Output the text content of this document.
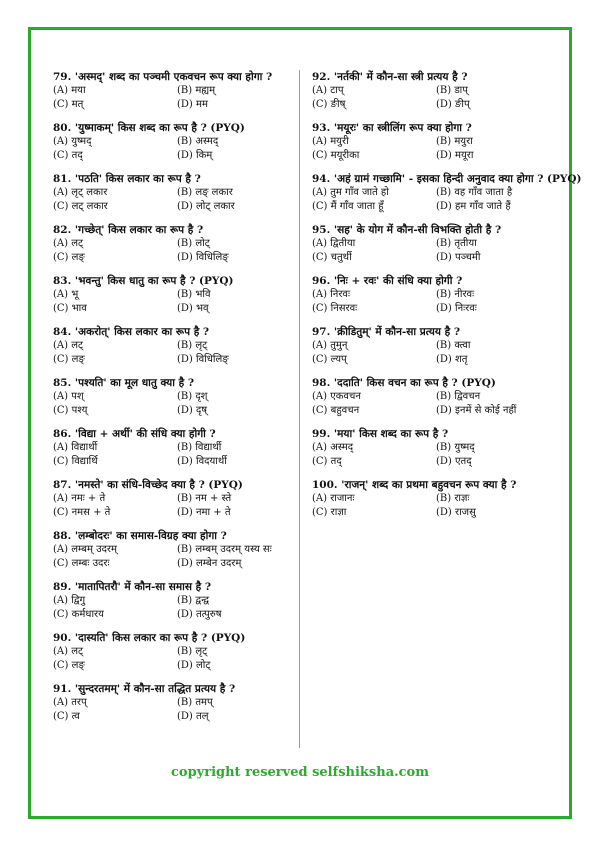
79. 'अस्मद्' शब्द का पञ्चमी एकवचन रूप क्या होगा ?
(A) मया	(B) मह्यम्
(C) मत्	(D) मम
80. 'युष्माकम्' किस शब्द का रूप है ? (PYQ)
(A) युष्मद्	(B) अस्मद्
(C) तद्	(D) किम्
81. 'पठति' किस लकार का रूप है ?
(A) लृट् लकार	(B) लङ् लकार
(C) लट् लकार	(D) लोट् लकार
82. 'गच्छेत्' किस लकार का रूप है ?
(A) लट्	(B) लोट्
(C) लङ्	(D) विधिलिङ्
83. 'भवन्तु' किस धातु का रूप है ? (PYQ)
(A) भू	(B) भवि
(C) भाव	(D) भव्
84. 'अकरोत्' किस लकार का रूप है ?
(A) लट्	(B) लृट्
(C) लङ्	(D) विधिलिङ्
85. 'पश्यति' का मूल धातु क्या है ?
(A) पश्	(B) दृश्
(C) पश्य्	(D) दृष्
86. 'विद्या + अर्थी' की संधि क्या होगी ?
(A) विद्यार्थी	(B) विद्यार्थी
(C) विद्यार्थि	(D) विदयार्थी
87. 'नमस्ते' का संधि-विच्छेद क्या है ? (PYQ)
(A) नमः + ते	(B) नम + स्ते
(C) नमस + ते	(D) नमा + ते
88. 'लम्बोदरः' का समास-विग्रह क्या होगा ?
(A) लम्बम् उदरम्	(B) लम्बम् उदरम् यस्य सः
(C) लम्बः उदरः	(D) लम्बेन उदरम्
89. 'मातापितरौ' में कौन-सा समास है ?
(A) द्विगु	(B) द्वन्द्व
(C) कर्मधारय	(D) तत्पुरुष
90. 'दास्यति' किस लकार का रूप है ? (PYQ)
(A) लट्	(B) लृट्
(C) लङ्	(D) लोट्
91. 'सुन्दरतमम्' में कौन-सा तद्धित प्रत्यय है ?
(A) तरप्	(B) तमप्
(C) त्व	(D) तल्
92. 'नर्तकी' में कौन-सा स्त्री प्रत्यय है ?
(A) टाप्	(B) डाप्
(C) ङीष्	(D) ङीप्
93. 'मयूरः' का स्त्रीलिंग रूप क्या होगा ?
(A) मयुरी	(B) मयुरा
(C) मयूरीका	(D) मयूरा
94. 'अहं ग्रामं गच्छामि' - इसका हिन्दी अनुवाद क्या होगा ? (PYQ)
(A) तुम गाँव जाते हो	(B) वह गाँव जाता है
(C) मैं गाँव जाता हूँ	(D) हम गाँव जाते हैं
95. 'सह' के योग में कौन-सी विभक्ति होती है ?
(A) द्वितीया	(B) तृतीया
(C) चतुर्थी	(D) पञ्चमी
96. 'निः + रवः' की संधि क्या होगी ?
(A) निरवः	(B) नीरवः
(C) निसरवः	(D) निःरवः
97. 'क्रीडितुम्' में कौन-सा प्रत्यय है ?
(A) तुमुन्	(B) क्त्वा
(C) ल्यप्	(D) शतृ
98. 'ददाति' किस वचन का रूप है ? (PYQ)
(A) एकवचन	(B) द्विवचन
(C) बहुवचन	(D) इनमें से कोई नहीं
99. 'मया' किस शब्द का रूप है ?
(A) अस्मद्	(B) युष्मद्
(C) तद्	(D) एतद्
100. 'राजन्' शब्द का प्रथमा बहुवचन रूप क्या है ?
(A) राजानः	(B) राज्ञः
(C) राज्ञा	(D) राजसु
copyright reserved selfshiksha.com
